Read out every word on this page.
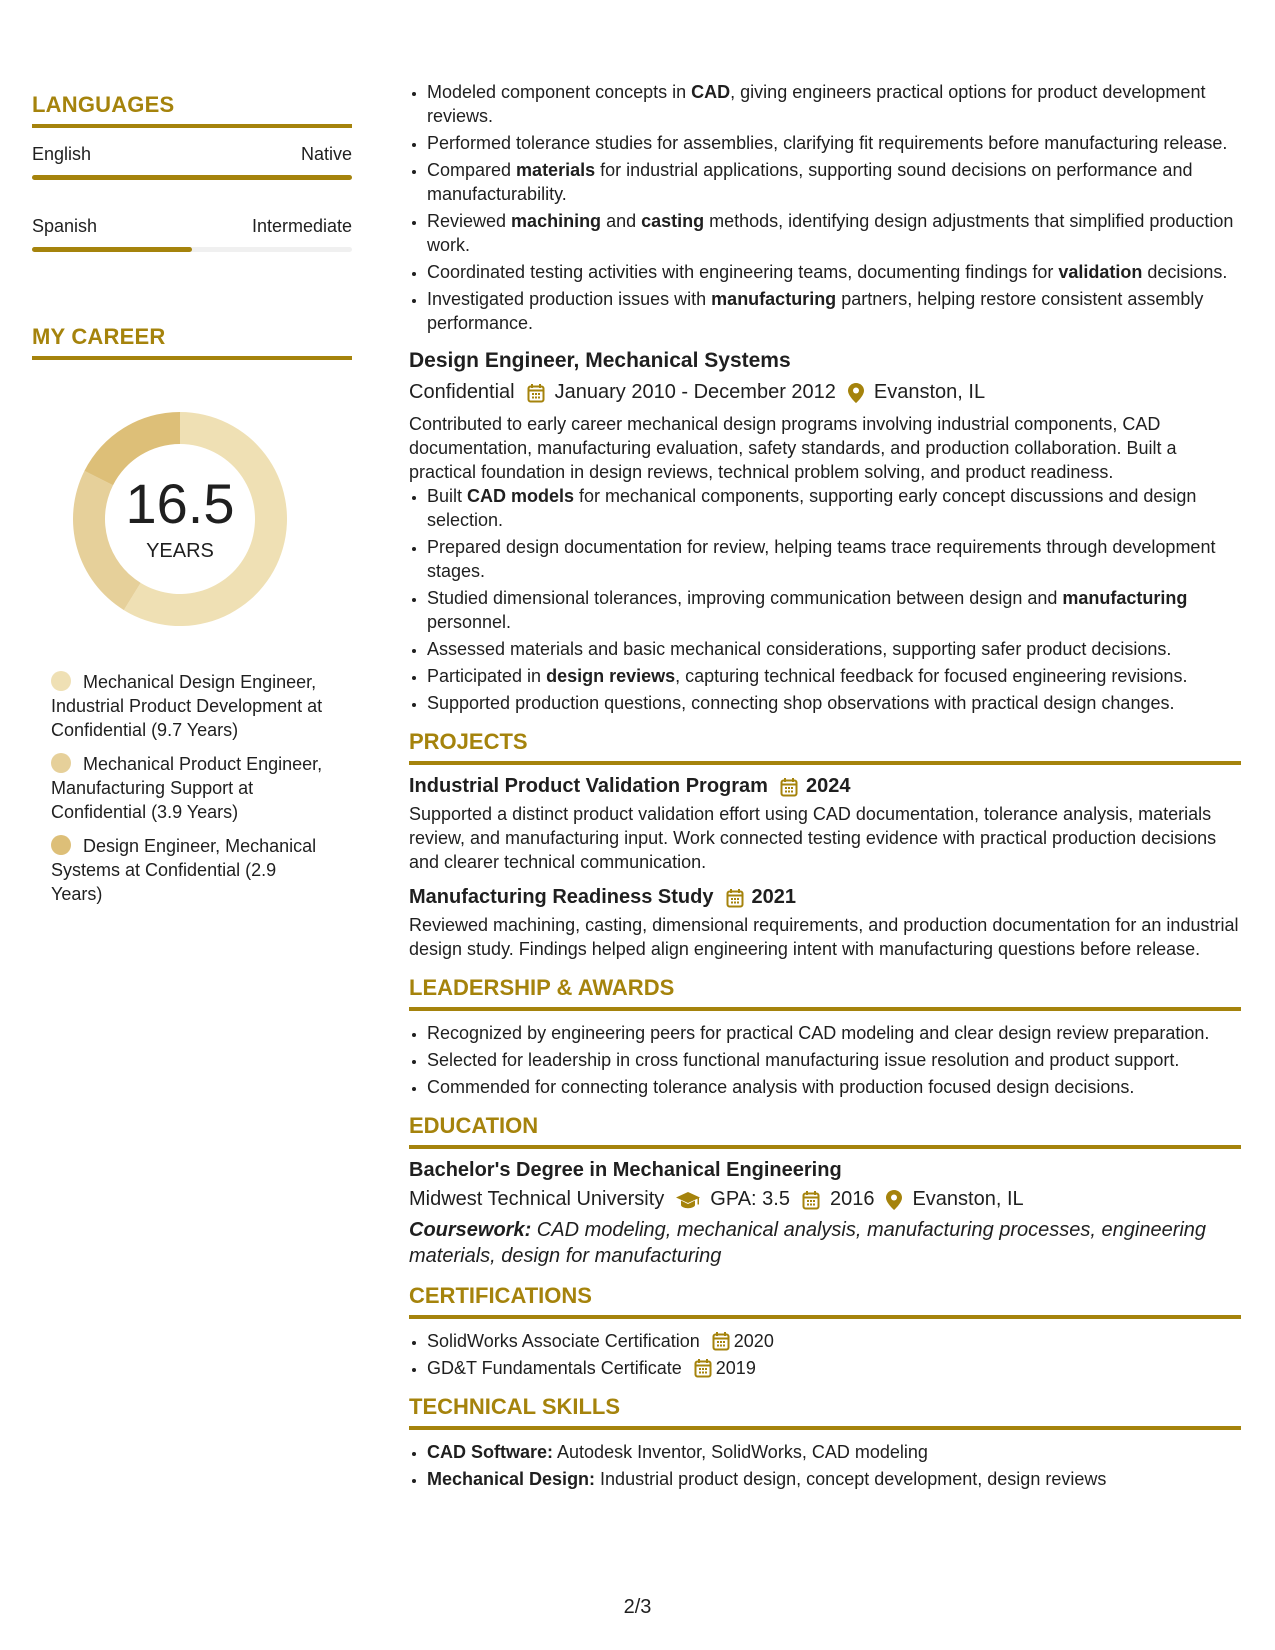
LANGUAGES
English	Native
Spanish	Intermediate
MY CAREER
16.5
YEARS
Mechanical Design Engineer, Industrial Product Development at Confidential (9.7 Years)
Mechanical Product Engineer, Manufacturing Support at Confidential (3.9 Years)
Design Engineer, Mechanical Systems at Confidential (2.9 Years)
• Modeled component concepts in CAD, giving engineers practical options for product development reviews.
• Performed tolerance studies for assemblies, clarifying fit requirements before manufacturing release.
• Compared materials for industrial applications, supporting sound decisions on performance and manufacturability.
• Reviewed machining and casting methods, identifying design adjustments that simplified production work.
• Coordinated testing activities with engineering teams, documenting findings for validation decisions.
• Investigated production issues with manufacturing partners, helping restore consistent assembly performance.
Design Engineer, Mechanical Systems
Confidential January 2010 - December 2012 Evanston, IL
Contributed to early career mechanical design programs involving industrial components, CAD documentation, manufacturing evaluation, safety standards, and production collaboration. Built a practical foundation in design reviews, technical problem solving, and product readiness.
• Built CAD models for mechanical components, supporting early concept discussions and design selection.
• Prepared design documentation for review, helping teams trace requirements through development stages.
• Studied dimensional tolerances, improving communication between design and manufacturing personnel.
• Assessed materials and basic mechanical considerations, supporting safer product decisions.
• Participated in design reviews, capturing technical feedback for focused engineering revisions.
• Supported production questions, connecting shop observations with practical design changes.
PROJECTS
Industrial Product Validation Program 2024
Supported a distinct product validation effort using CAD documentation, tolerance analysis, materials review, and manufacturing input. Work connected testing evidence with practical production decisions and clearer technical communication.
Manufacturing Readiness Study 2021
Reviewed machining, casting, dimensional requirements, and production documentation for an industrial design study. Findings helped align engineering intent with manufacturing questions before release.
LEADERSHIP & AWARDS
• Recognized by engineering peers for practical CAD modeling and clear design review preparation.
• Selected for leadership in cross functional manufacturing issue resolution and product support.
• Commended for connecting tolerance analysis with production focused design decisions.
EDUCATION
Bachelor's Degree in Mechanical Engineering
Midwest Technical University GPA: 3.5 2016 Evanston, IL
Coursework: CAD modeling, mechanical analysis, manufacturing processes, engineering materials, design for manufacturing
CERTIFICATIONS
• SolidWorks Associate Certification 2020
• GD&T Fundamentals Certificate 2019
TECHNICAL SKILLS
• CAD Software: Autodesk Inventor, SolidWorks, CAD modeling
• Mechanical Design: Industrial product design, concept development, design reviews
2/3
